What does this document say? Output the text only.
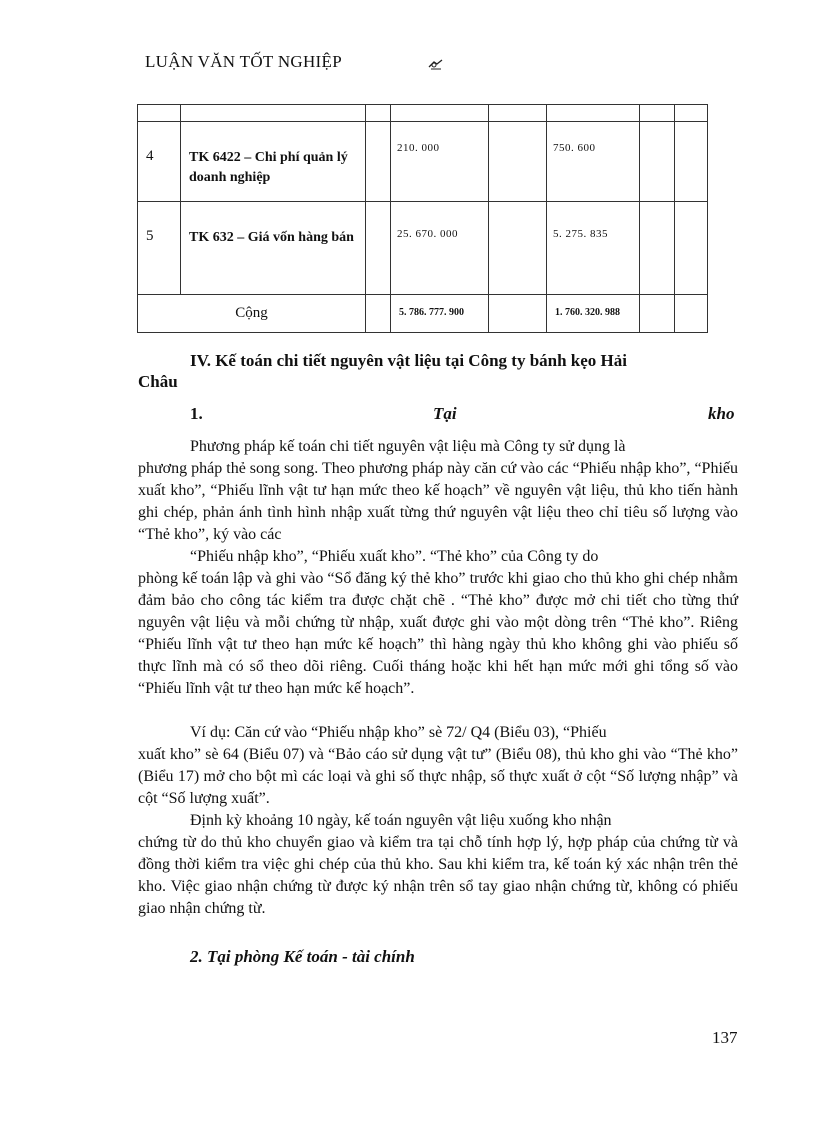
LUẬN VĂN TỐT NGHIỆP

4	TK 6422 – Chi phí quản lý doanh nghiệp		210. 000		750. 600		
5	TK 632 – Giá vốn hàng bán		25. 670. 000		5. 275. 835		
Cộng			5. 786. 777. 900		1. 760. 320. 988		
IV. Kế toán chi tiết nguyên vật liệu tại Công ty bánh kẹo Hải
Châu
1.	Tại	kho
Phương pháp kế toán chi tiết nguyên vật liệu mà Công ty sử dụng là
phương pháp thẻ song song. Theo phương pháp này căn cứ vào các “Phiếu nhập kho”, “Phiếu xuất kho”, “Phiếu lĩnh vật tư hạn mức theo kế hoạch” về nguyên vật liệu, thủ kho tiến hành ghi chép, phản ánh tình hình nhập xuất từng thứ nguyên vật liệu theo chỉ tiêu số lượng vào “Thẻ kho”, ký vào các
“Phiếu nhập kho”, “Phiếu xuất kho”. “Thẻ kho” của Công ty do
phòng kế toán lập và ghi vào “Sổ đăng ký thẻ kho” trước khi giao cho thủ kho ghi chép nhằm đảm bảo cho công tác kiểm tra được chặt chẽ . “Thẻ kho” được mở chi tiết cho từng thứ nguyên vật liệu và mỗi chứng từ nhập, xuất được ghi vào một dòng trên “Thẻ kho”. Riêng “Phiếu lĩnh vật tư theo hạn mức kế hoạch” thì hàng ngày thủ kho không ghi vào phiếu số thực lĩnh mà có sổ theo dõi riêng. Cuối tháng hoặc khi hết hạn mức mới ghi tổng số vào “Phiếu lĩnh vật tư theo hạn mức kế hoạch”.
Ví dụ: Căn cứ vào “Phiếu nhập kho” sè 72/ Q4 (Biểu 03), “Phiếu
xuất kho” sè 64 (Biểu 07) và “Bảo cáo sử dụng vật tư” (Biểu 08), thủ kho ghi vào “Thẻ kho” (Biểu 17) mở cho bột mì các loại và ghi số thực nhập, số thực xuất ở cột “Số lượng nhập” và cột “Số lượng xuất”.
Định kỳ khoảng 10 ngày, kế toán nguyên vật liệu xuống kho nhận
chứng từ do thủ kho chuyển giao và kiểm tra tại chỗ tính hợp lý, hợp pháp của chứng từ và đồng thời kiểm tra việc ghi chép của thủ kho. Sau khi kiểm tra, kế toán ký xác nhận trên thẻ kho. Việc giao nhận chứng từ được ký nhận trên sổ tay giao nhận chứng từ, không có phiếu giao nhận chứng từ.
2. Tại phòng Kế toán - tài chính
137
